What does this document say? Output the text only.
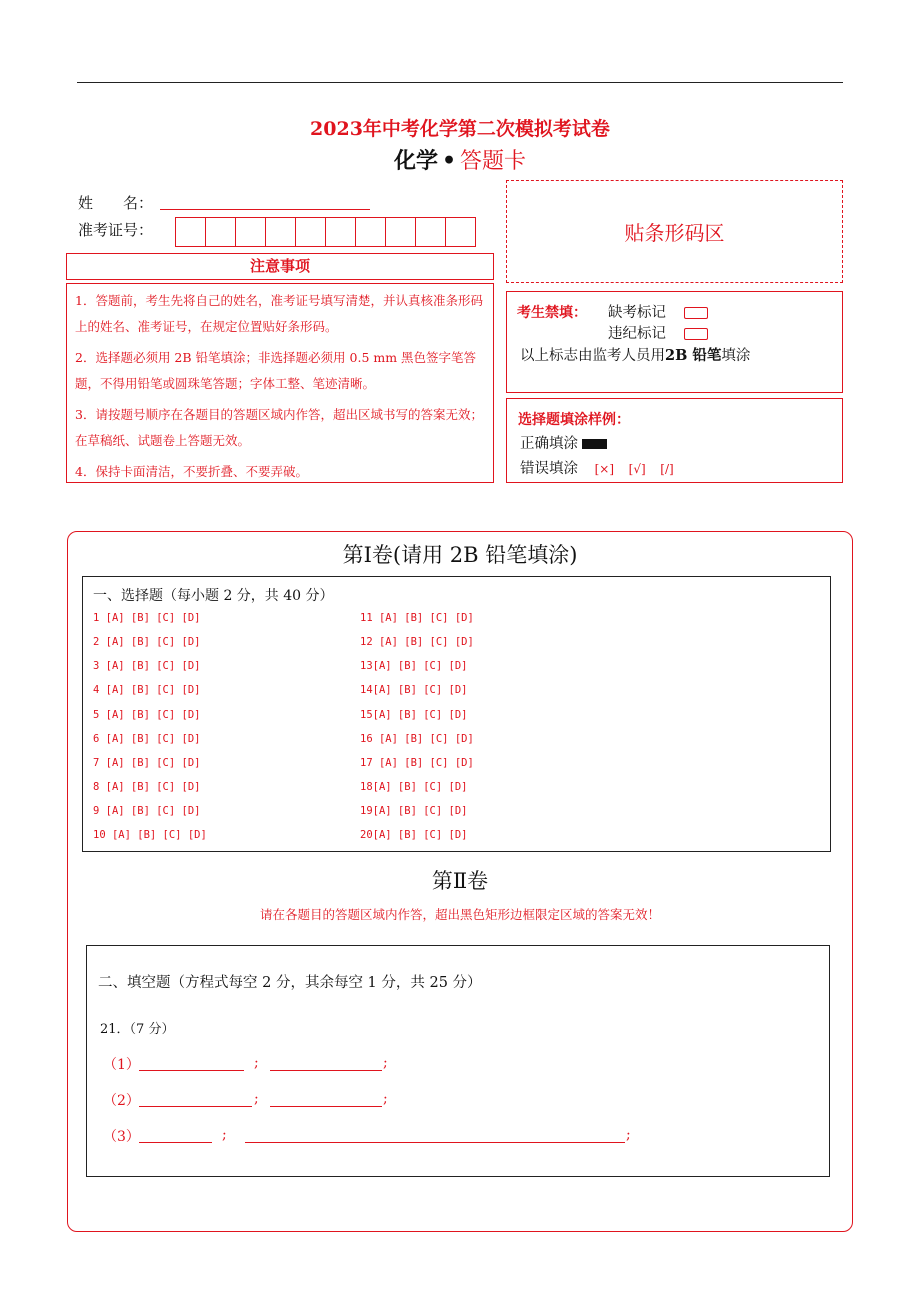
2023年中考化学第二次模拟考试卷
化学 • 答题卡
姓　　名：
准考证号：	贴条形码区
注意事项

1．答题前，考生先将自己的姓名，准考证号填写清楚，并认真核准条形码上的姓名、准考证号，在规定位置贴好条形码。

2．选择题必须用 2B 铅笔填涂；非选择题必须用 0.5 mm 黑色签字笔答题，不得用铅笔或圆珠笔答题；字体工整、笔迹清晰。

3．请按题号顺序在各题目的答题区域内作答，超出区域书写的答案无效；在草稿纸、试题卷上答题无效。

4．保持卡面清洁，不要折叠、不要弄破。

考生禁填： 缺考标记
违纪标记
以上标志由监考人员用2B 铅笔填涂
选择题填涂样例：
正确填涂
错误填涂 [×] [√] [/]
第Ⅰ卷(请用 2B 铅笔填涂)
一、选择题（每小题 2 分，共 40 分）
1 [A] [B] [C] [D]
2 [A] [B] [C] [D]
3 [A] [B] [C] [D]
4 [A] [B] [C] [D]
5 [A] [B] [C] [D]
6 [A] [B] [C] [D]
7 [A] [B] [C] [D]
8 [A] [B] [C] [D]
9 [A] [B] [C] [D]
10 [A] [B] [C] [D]
11 [A] [B] [C] [D]
12 [A] [B] [C] [D]
13[A] [B] [C] [D]
14[A] [B] [C] [D]
15[A] [B] [C] [D]
16 [A] [B] [C] [D]
17 [A] [B] [C] [D]
18[A] [B] [C] [D]
19[A] [B] [C] [D]
20[A] [B] [C] [D]
第Ⅱ卷
请在各题目的答题区域内作答，超出黑色矩形边框限定区域的答案无效！
二、填空题（方程式每空 2 分，其余每空 1 分，共 25 分）
21．（7 分）
（1）	;	;
（2）	;	;
（3）	;	;
